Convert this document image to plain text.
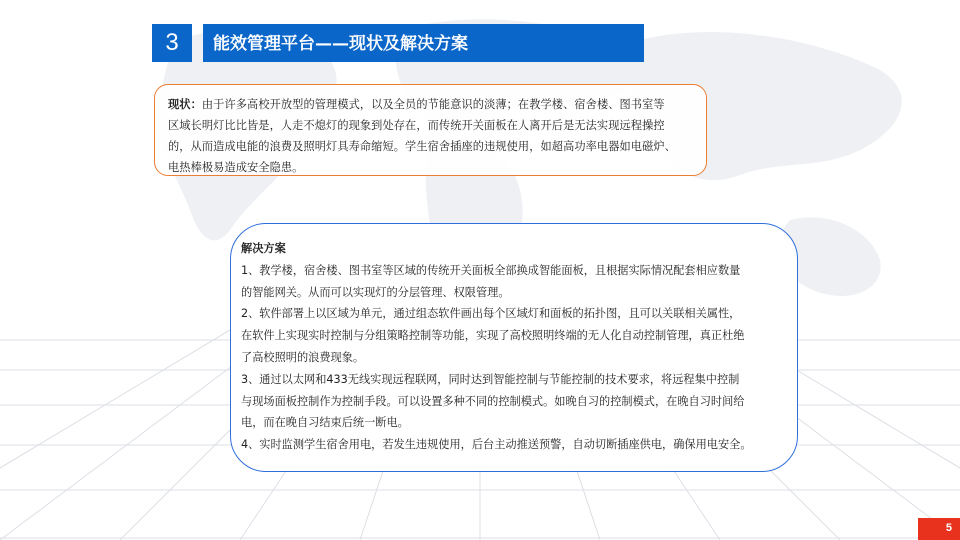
3	能效管理平台——现状及解决方案
现状：由于许多高校开放型的管理模式，以及全员的节能意识的淡薄；在教学楼、宿舍楼、图书室等
区域长明灯比比皆是，人走不熄灯的现象到处存在，而传统开关面板在人离开后是无法实现远程操控
的，从而造成电能的浪费及照明灯具寿命缩短。学生宿舍插座的违规使用，如超高功率电器如电磁炉、
电热棒极易造成安全隐患。
解决方案
1、教学楼，宿舍楼、图书室等区域的传统开关面板全部换成智能面板，且根据实际情况配套相应数量
的智能网关。从而可以实现灯的分层管理、权限管理。
2、软件部署上以区域为单元，通过组态软件画出每个区域灯和面板的拓扑图，且可以关联相关属性，
在软件上实现实时控制与分组策略控制等功能，实现了高校照明终端的无人化自动控制管理，真正杜绝
了高校照明的浪费现象。
3、通过以太网和433无线实现远程联网，同时达到智能控制与节能控制的技术要求，将远程集中控制
与现场面板控制作为控制手段。可以设置多种不同的控制模式。如晚自习的控制模式，在晚自习时间给
电，而在晚自习结束后统一断电。
4、实时监测学生宿舍用电，若发生违规使用，后台主动推送预警，自动切断插座供电，确保用电安全。
5
